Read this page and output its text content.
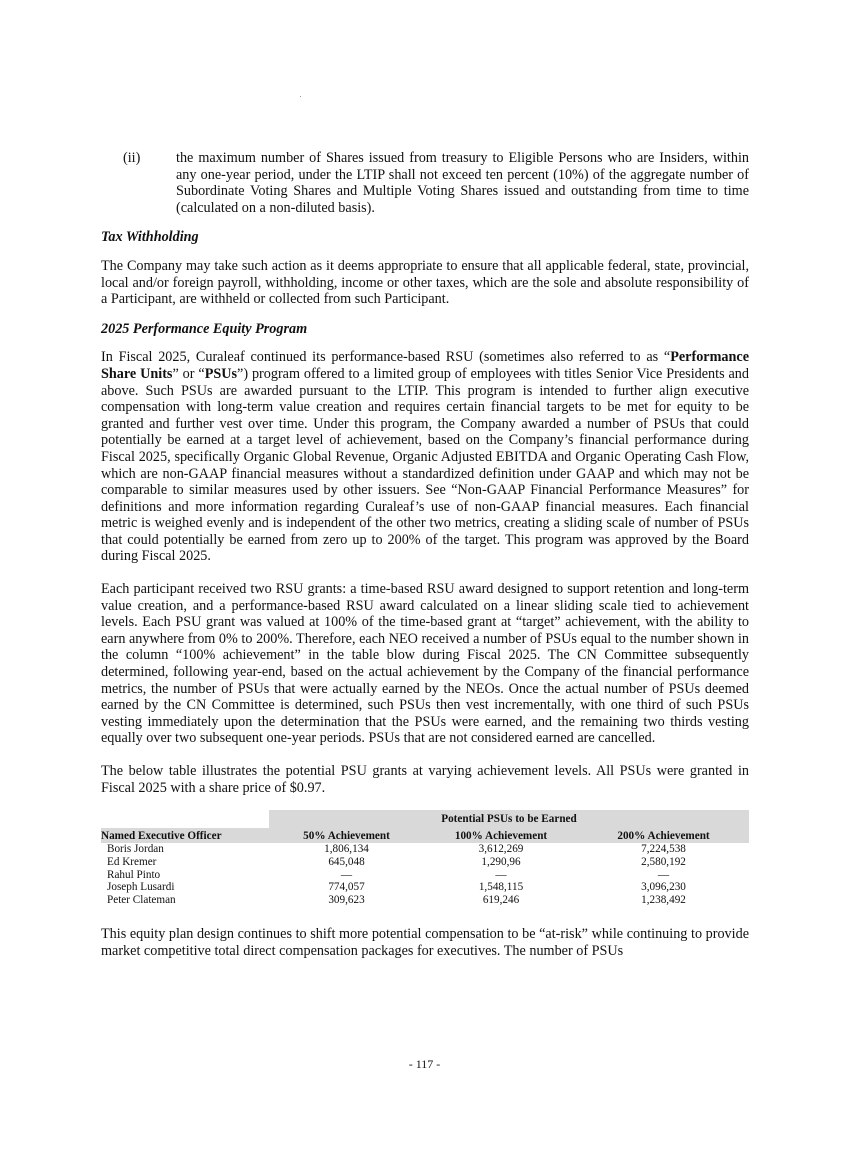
(ii)	the maximum number of Shares issued from treasury to Eligible Persons who are Insiders, within any one-year period, under the LTIP shall not exceed ten percent (10%) of the aggregate number of Subordinate Voting Shares and Multiple Voting Shares issued and outstanding from time to time (calculated on a non-diluted basis).

Tax Withholding

The Company may take such action as it deems appropriate to ensure that all applicable federal, state, provincial, local and/or foreign payroll, withholding, income or other taxes, which are the sole and absolute responsibility of a Participant, are withheld or collected from such Participant.

2025 Performance Equity Program

In Fiscal 2025, Curaleaf continued its performance-based RSU (sometimes also referred to as “Performance Share Units” or “PSUs”) program offered to a limited group of employees with titles Senior Vice Presidents and above. Such PSUs are awarded pursuant to the LTIP. This program is intended to further align executive compensation with long-term value creation and requires certain financial targets to be met for equity to be granted and further vest over time. Under this program, the Company awarded a number of PSUs that could potentially be earned at a target level of achievement, based on the Company’s financial performance during Fiscal 2025, specifically Organic Global Revenue, Organic Adjusted EBITDA and Organic Operating Cash Flow, which are non-GAAP financial measures without a standardized definition under GAAP and which may not be comparable to similar measures used by other issuers. See “Non-GAAP Financial Performance Measures” for definitions and more information regarding Curaleaf’s use of non-GAAP financial measures. Each financial metric is weighed evenly and is independent of the other two metrics, creating a sliding scale of number of PSUs that could potentially be earned from zero up to 200% of the target. This program was approved by the Board during Fiscal 2025.

Each participant received two RSU grants: a time-based RSU award designed to support retention and long-term value creation, and a performance-based RSU award calculated on a linear sliding scale tied to achievement levels. Each PSU grant was valued at 100% of the time-based grant at “target” achievement, with the ability to earn anywhere from 0% to 200%. Therefore, each NEO received a number of PSUs equal to the number shown in the column “100% achievement” in the table blow during Fiscal 2025. The CN Committee subsequently determined, following year-end, based on the actual achievement by the Company of the financial performance metrics, the number of PSUs that were actually earned by the NEOs. Once the actual number of PSUs deemed earned by the CN Committee is determined, such PSUs then vest incrementally, with one third of such PSUs vesting immediately upon the determination that the PSUs were earned, and the remaining two thirds vesting equally over two subsequent one-year periods. PSUs that are not considered earned are cancelled.

The below table illustrates the potential PSU grants at varying achievement levels. All PSUs were granted in Fiscal 2025 with a share price of $0.97.

	Potential PSUs to be Earned		
Named Executive Officer	50% Achievement	100% Achievement	200% Achievement
Boris Jordan	1,806,134	3,612,269	7,224,538
Ed Kremer	645,048	1,290,96	2,580,192
Rahul Pinto	—	—	—
Joseph Lusardi	774,057	1,548,115	3,096,230
Peter Clateman	309,623	619,246	1,238,492

This equity plan design continues to shift more potential compensation to be “at-risk” while continuing to provide market competitive total direct compensation packages for executives. The number of PSUs

- 117 -
